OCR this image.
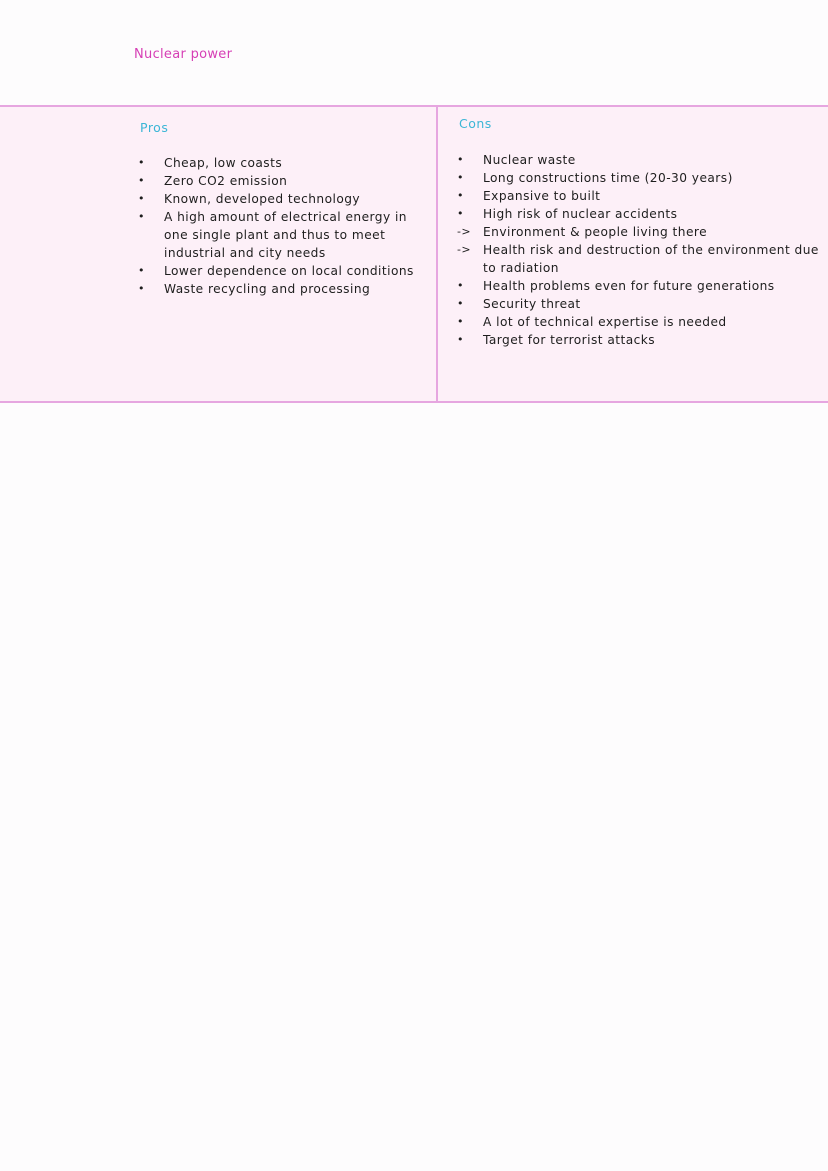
Nuclear power
Pros
•	Cheap, low coasts
•	Zero CO2 emission
•	Known, developed technology
•	A high amount of electrical energy in one single plant and thus to meet industrial and city needs
•	Lower dependence on local conditions
•	Waste recycling and processing
Cons
•	Nuclear waste
•	Long constructions time (20-30 years)
•	Expansive to built
•	High risk of nuclear accidents
-> Environment & people living there
-> Health risk and destruction of the environment due to radiation
•	Health problems even for future generations
•	Security threat
•	A lot of technical expertise is needed
•	Target for terrorist attacks
